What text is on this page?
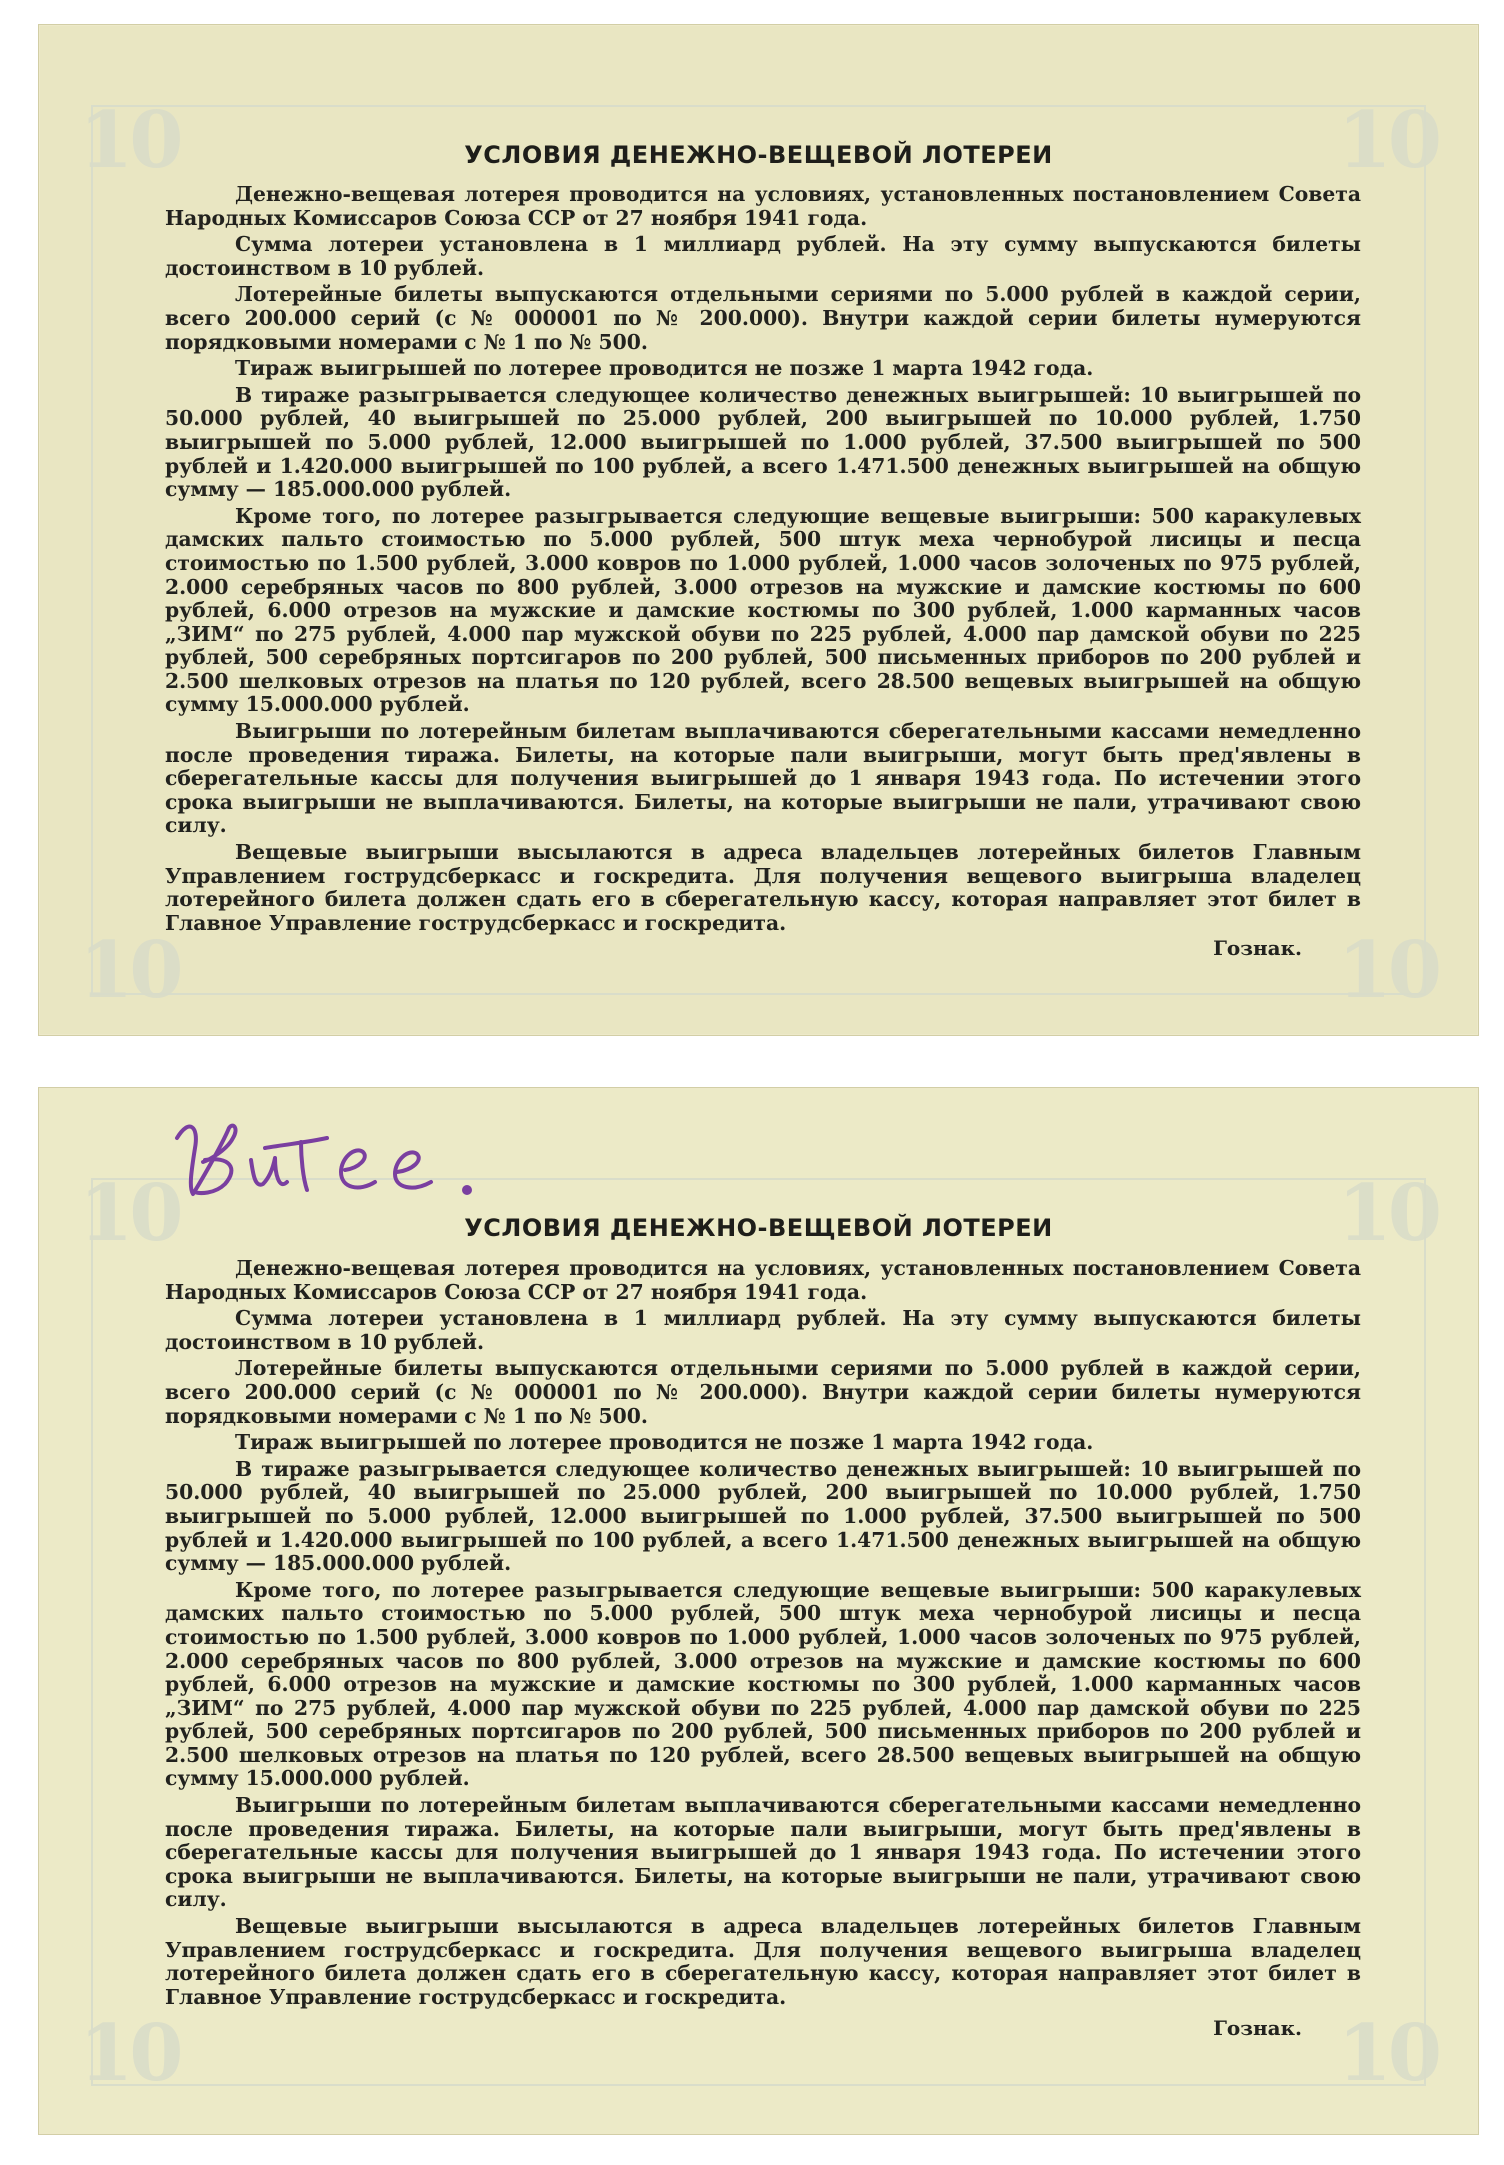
10	10
10	10
УСЛОВИЯ ДЕНЕЖНО-ВЕЩЕВОЙ ЛОТЕРЕИ

Денежно-вещевая лотерея проводится на условиях, установленных постановлением Совета Народных Комиссаров Союза ССР от 27 ноября 1941 года.

Сумма лотереи установлена в 1 миллиард рублей. На эту сумму выпускаются билеты достоинством в 10 рублей.

Лотерейные билеты выпускаются отдельными сериями по 5.000 рублей в каждой серии, всего 200.000 серий (с № 000001 по № 200.000). Внутри каждой серии билеты нумеруются порядковыми номерами с № 1 по № 500.

Тираж выигрышей по лотерее проводится не позже 1 марта 1942 года.

В тираже разыгрывается следующее количество денежных выигрышей: 10 выигрышей по 50.000 рублей, 40 выигрышей по 25.000 рублей, 200 выигрышей по 10.000 рублей, 1.750 выигрышей по 5.000 рублей, 12.000 выигрышей по 1.000 рублей, 37.500 выигрышей по 500 рублей и 1.420.000 выигрышей по 100 рублей, а всего 1.471.500 денежных выигрышей на общую сумму — 185.000.000 рублей.

Кроме того, по лотерее разыгрывается следующие вещевые выигрыши: 500 каракулевых дамских пальто стоимостью по 5.000 рублей, 500 штук меха чернобурой лисицы и песца стоимостью по 1.500 рублей, 3.000 ковров по 1.000 рублей, 1.000 часов золоченых по 975 рублей, 2.000 серебряных часов по 800 рублей, 3.000 отрезов на мужские и дамские костюмы по 600 рублей, 6.000 отрезов на мужские и дамские костюмы по 300 рублей, 1.000 карманных часов „ЗИМ“ по 275 рублей, 4.000 пар мужской обуви по 225 рублей, 4.000 пар дамской обуви по 225 рублей, 500 серебряных портсигаров по 200 рублей, 500 письменных приборов по 200 рублей и 2.500 шелковых отрезов на платья по 120 рублей, всего 28.500 вещевых выигрышей на общую сумму 15.000.000 рублей.

Выигрыши по лотерейным билетам выплачиваются сберегательными кассами немедленно после проведения тиража. Билеты, на которые пали выигрыши, могут быть пред'явлены в сберегательные кассы для получения выигрышей до 1 января 1943 года. По истечении этого срока выигрыши не выплачиваются. Билеты, на которые выигрыши не пали, утрачивают свою силу.

Вещевые выигрыши высылаются в адреса владельцев лотерейных билетов Главным Управлением гострудсберкасс и госкредита. Для получения вещевого выигрыша владелец лотерейного билета должен сдать его в сберегательную кассу, которая направляет этот билет в Главное Управление гострудсберкасс и госкредита.

Гознак.
10	10
10	10
УСЛОВИЯ ДЕНЕЖНО-ВЕЩЕВОЙ ЛОТЕРЕИ

Денежно-вещевая лотерея проводится на условиях, установленных постановлением Совета Народных Комиссаров Союза ССР от 27 ноября 1941 года.

Сумма лотереи установлена в 1 миллиард рублей. На эту сумму выпускаются билеты достоинством в 10 рублей.

Лотерейные билеты выпускаются отдельными сериями по 5.000 рублей в каждой серии, всего 200.000 серий (с № 000001 по № 200.000). Внутри каждой серии билеты нумеруются порядковыми номерами с № 1 по № 500.

Тираж выигрышей по лотерее проводится не позже 1 марта 1942 года.

В тираже разыгрывается следующее количество денежных выигрышей: 10 выигрышей по 50.000 рублей, 40 выигрышей по 25.000 рублей, 200 выигрышей по 10.000 рублей, 1.750 выигрышей по 5.000 рублей, 12.000 выигрышей по 1.000 рублей, 37.500 выигрышей по 500 рублей и 1.420.000 выигрышей по 100 рублей, а всего 1.471.500 денежных выигрышей на общую сумму — 185.000.000 рублей.

Кроме того, по лотерее разыгрывается следующие вещевые выигрыши: 500 каракулевых дамских пальто стоимостью по 5.000 рублей, 500 штук меха чернобурой лисицы и песца стоимостью по 1.500 рублей, 3.000 ковров по 1.000 рублей, 1.000 часов золоченых по 975 рублей, 2.000 серебряных часов по 800 рублей, 3.000 отрезов на мужские и дамские костюмы по 600 рублей, 6.000 отрезов на мужские и дамские костюмы по 300 рублей, 1.000 карманных часов „ЗИМ“ по 275 рублей, 4.000 пар мужской обуви по 225 рублей, 4.000 пар дамской обуви по 225 рублей, 500 серебряных портсигаров по 200 рублей, 500 письменных приборов по 200 рублей и 2.500 шелковых отрезов на платья по 120 рублей, всего 28.500 вещевых выигрышей на общую сумму 15.000.000 рублей.

Выигрыши по лотерейным билетам выплачиваются сберегательными кассами немедленно после проведения тиража. Билеты, на которые пали выигрыши, могут быть пред'явлены в сберегательные кассы для получения выигрышей до 1 января 1943 года. По истечении этого срока выигрыши не выплачиваются. Билеты, на которые выигрыши не пали, утрачивают свою силу.

Вещевые выигрыши высылаются в адреса владельцев лотерейных билетов Главным Управлением гострудсберкасс и госкредита. Для получения вещевого выигрыша владелец лотерейного билета должен сдать его в сберегательную кассу, которая направляет этот билет в Главное Управление гострудсберкасс и госкредита.

Гознак.
